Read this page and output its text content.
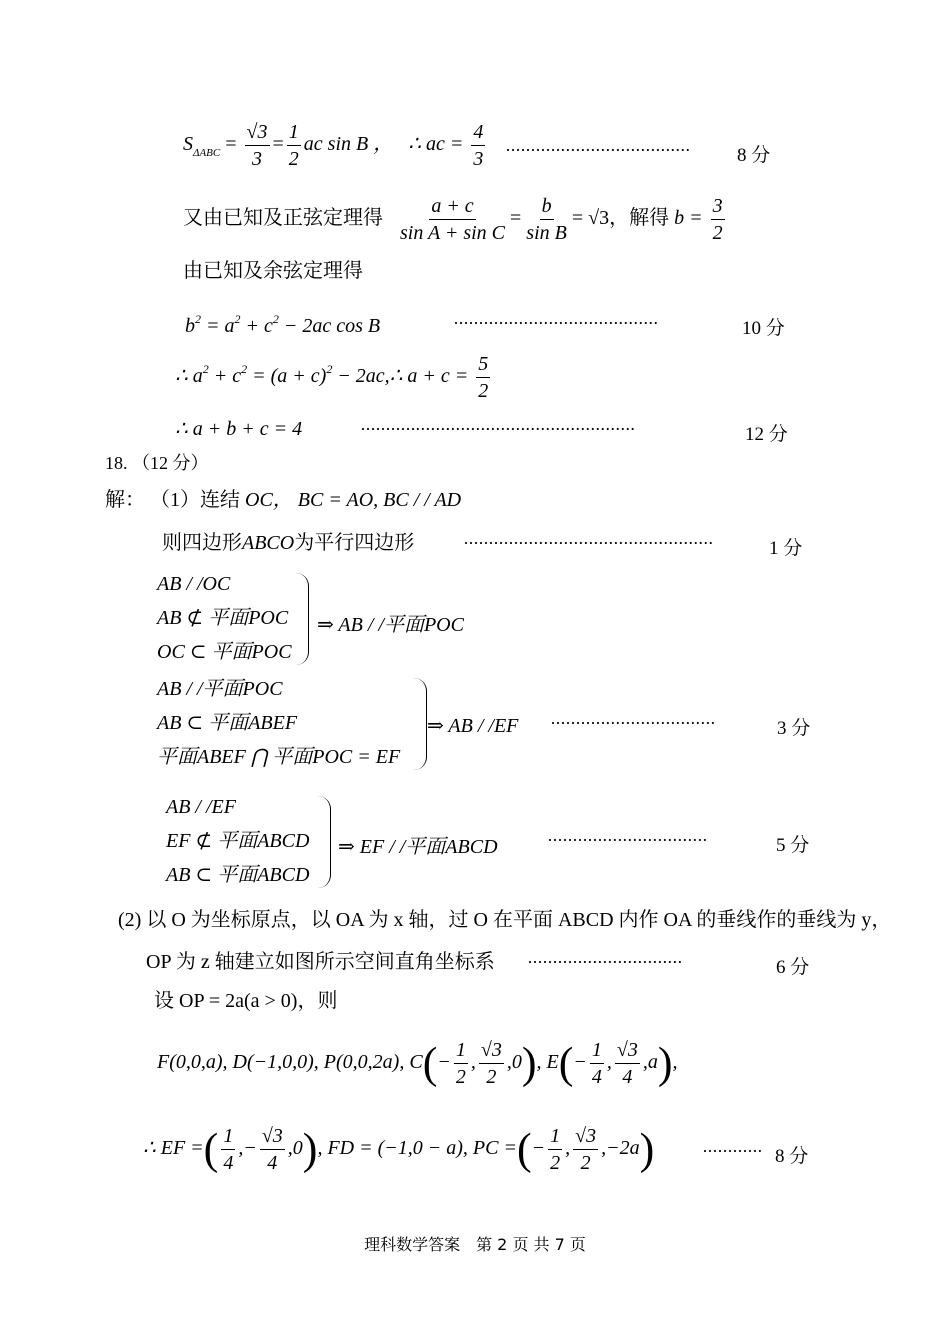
$S_{\Delta ABC} = \frac{√3}{3} = \frac{1}{2}$ ac sin B ， ∴ ac = $\frac{4}{3}$ ····································· 8 分
又由已知及正弦定理得 $\frac{a + c}{\text{sin A + sin C}} = \frac{b}{\text{sin B}} = √3$，解得 $b = \frac{3}{2}$
由已知及余弦定理得
$b^2 = a^2 + c^2 - 2ac$ cos B	·········································	10 分
∴ $a^2 + c^2 = (a + c)^2$ − 2ac,∴ $a + c = \frac{5}{2}$
∴ a + b + c = 4	·······················································	12 分
18. （12 分）
解： （1）连结 OC， BC = AO, BC / / AD
则四边形ABCO为平行四边形	··················································	1 分
AB / /OC
AB ⊄ 平面POC
OC ⊂ 平面POC
⇒ AB / /平面POC
AB / /平面POC
AB ⊂ 平面ABEF
平面ABEF ⋂ 平面POC = EF
⇒ AB / /EF ·································	3 分
AB / /EF
EF ⊄ 平面ABCD
AB ⊂ 平面ABCD
⇒ EF / /平面ABCD	································	5 分
(2) 以 O 为坐标原点，以 OA 为 x 轴，过 O 在平面 ABCD 内作 OA 的垂线作的垂线为 y，
OP 为 z 轴建立如图所示空间直角坐标系 ·······························	6 分
设 OP = 2a(a > 0)，则
F(0,0,a), D(−1,0,0), P(0,0,2a), $C(- \frac{1}{2}$ , $\frac{√3}{2} ,0$), $E(- \frac{1}{4}$ , $\frac{√3}{4} ,a$),
∴ EF =( $\frac{1}{4}$ ,− $\frac{√3}{4} ,0$), FD = (−1,0 − a), PC =(− $\frac{1}{2}$ , $\frac{√3}{2} ,-2a$)	············ 8 分
理科数学答案　第 2 页 共 7 页
